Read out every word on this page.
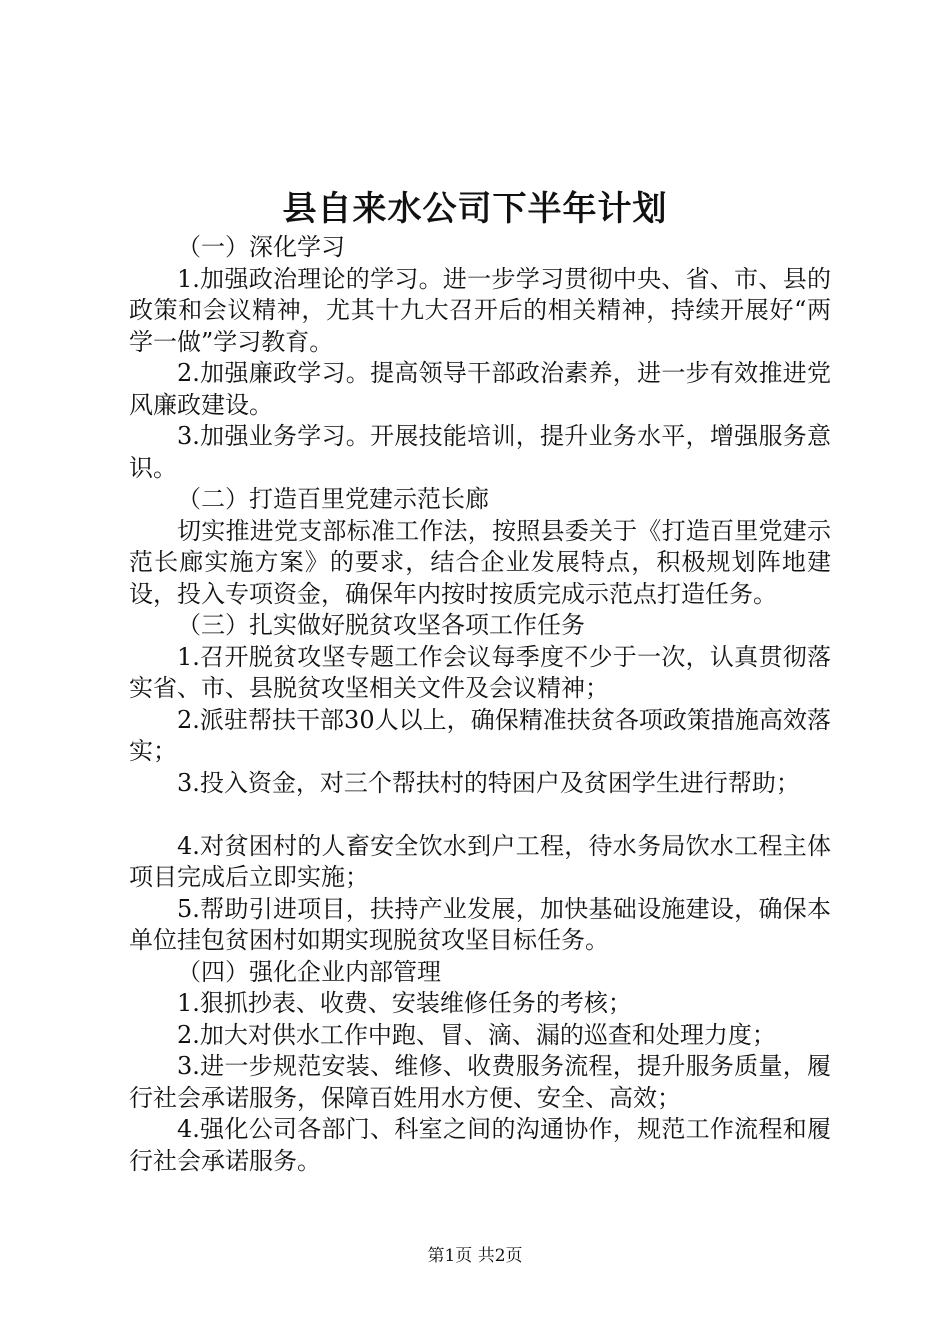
县自来水公司下半年计划

（一）深化学习

1.加强政治理论的学习。进一步学习贯彻中央、省、市、县的政策和会议精神，尤其十九大召开后的相关精神，持续开展好“两学一做”学习教育。

2.加强廉政学习。提高领导干部政治素养，进一步有效推进党风廉政建设。

3.加强业务学习。开展技能培训，提升业务水平，增强服务意识。

（二）打造百里党建示范长廊

切实推进党支部标准工作法，按照县委关于《打造百里党建示范长廊实施方案》的要求，结合企业发展特点，积极规划阵地建设，投入专项资金，确保年内按时按质完成示范点打造任务。

（三）扎实做好脱贫攻坚各项工作任务

1.召开脱贫攻坚专题工作会议每季度不少于一次，认真贯彻落实省、市、县脱贫攻坚相关文件及会议精神；

2.派驻帮扶干部30人以上，确保精准扶贫各项政策措施高效落实；

3.投入资金，对三个帮扶村的特困户及贫困学生进行帮助；

4.对贫困村的人畜安全饮水到户工程，待水务局饮水工程主体项目完成后立即实施；

5.帮助引进项目，扶持产业发展，加快基础设施建设，确保本单位挂包贫困村如期实现脱贫攻坚目标任务。

（四）强化企业内部管理

1.狠抓抄表、收费、安装维修任务的考核；

2.加大对供水工作中跑、冒、滴、漏的巡查和处理力度；

3.进一步规范安装、维修、收费服务流程，提升服务质量，履行社会承诺服务，保障百姓用水方便、安全、高效；

4.强化公司各部门、科室之间的沟通协作，规范工作流程和履行社会承诺服务。

第1页 共2页
